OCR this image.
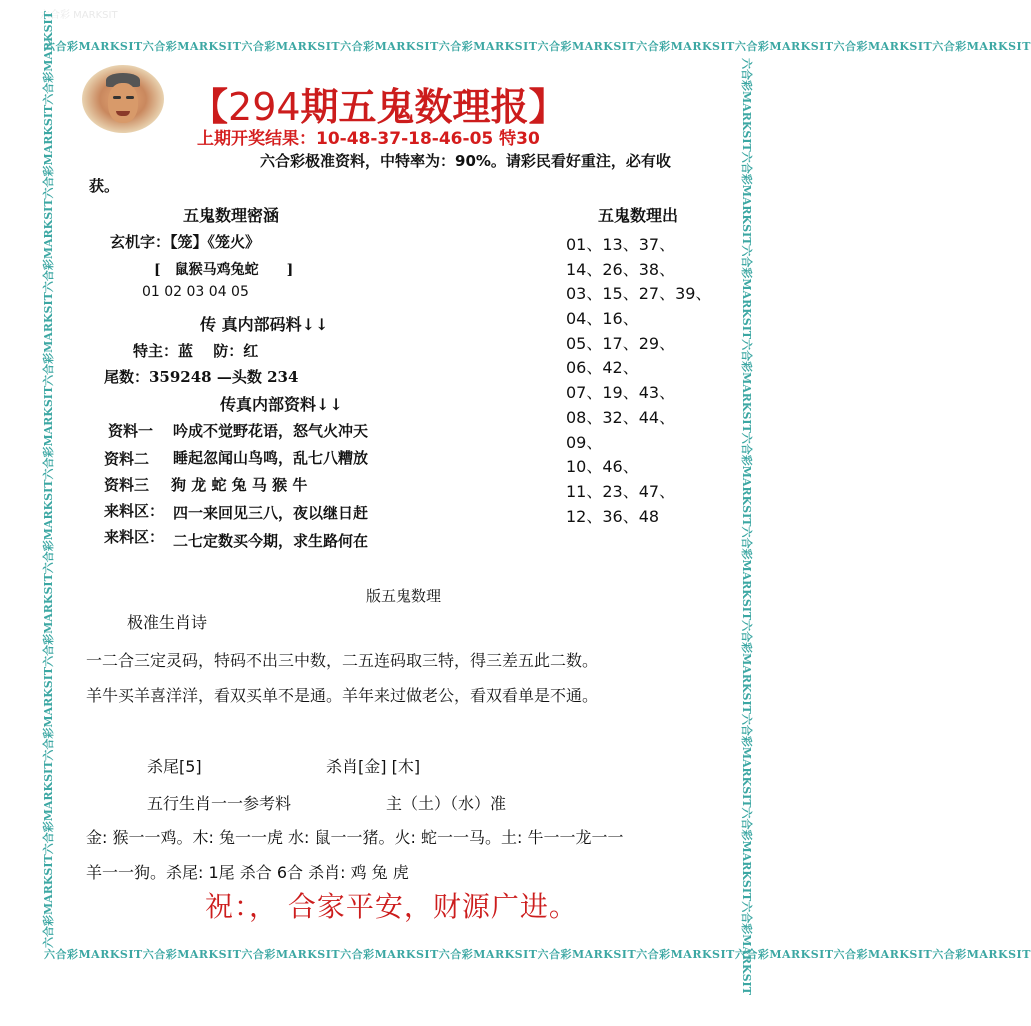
六合彩 MARKSIT
六合彩MARKSIT六合彩MARKSIT六合彩MARKSIT六合彩MARKSIT六合彩MARKSIT六合彩MARKSIT六合彩MARKSIT六合彩MARKSIT六合彩MARKSIT六合彩MARKSIT
六合彩MARKSIT六合彩MARKSIT六合彩MARKSIT六合彩MARKSIT六合彩MARKSIT六合彩MARKSIT六合彩MARKSIT六合彩MARKSIT六合彩MARKSIT六合彩MARKSIT
六合彩MARKSIT六合彩MARKSIT六合彩MARKSIT六合彩MARKSIT六合彩MARKSIT六合彩MARKSIT六合彩MARKSIT六合彩MARKSIT六合彩MARKSIT六合彩MARKSIT	六合彩MARKSIT六合彩MARKSIT六合彩MARKSIT六合彩MARKSIT六合彩MARKSIT六合彩MARKSIT六合彩MARKSIT六合彩MARKSIT六合彩MARKSIT六合彩MARKSIT
【294期五鬼数理报】
上期开奖结果：10-48-37-18-46-05 特30
六合彩极准资料，中特率为：90%。请彩民看好重注，必有收
获。
五鬼数理密涵
玄机字：【笼】《笼火》
[　鼠猴马鸡兔蛇　　]
01 02 03 04 05
传 真内部码料↓↓
特主：蓝　 防：红
尾数：359248 —头数 234
传真内部资料↓↓
资料一 吟成不觉野花语，怒气火冲天
资料二 睡起忽闻山鸟鸣，乱七八糟放
资料三 狗 龙 蛇 兔 马 猴 牛
来料区： 四一来回见三八，夜以继日赶
来料区： 二七定数买今期，求生路何在
五鬼数理出
01、13、37、
14、26、38、
03、15、27、39、
04、16、
05、17、29、
06、42、
07、19、43、
08、32、44、
09、
10、46、
11、23、47、
12、36、48
版五鬼数理
极准生肖诗
一二合三定灵码，特码不出三中数，二五连码取三特，得三差五此二数。
羊牛买羊喜洋洋，看双买单不是通。羊年来过做老公，看双看单是不通。
杀尾[5]	杀肖[金] [木]
五行生肖一一参考料	主（土）（水）准
金: 猴一一鸡。木: 兔一一虎 水: 鼠一一猪。火: 蛇一一马。土: 牛一一龙一一
羊一一狗。杀尾: 1尾 杀合 6合 杀肖: 鸡 兔 虎
祝：， 合家平安，财源广进。
